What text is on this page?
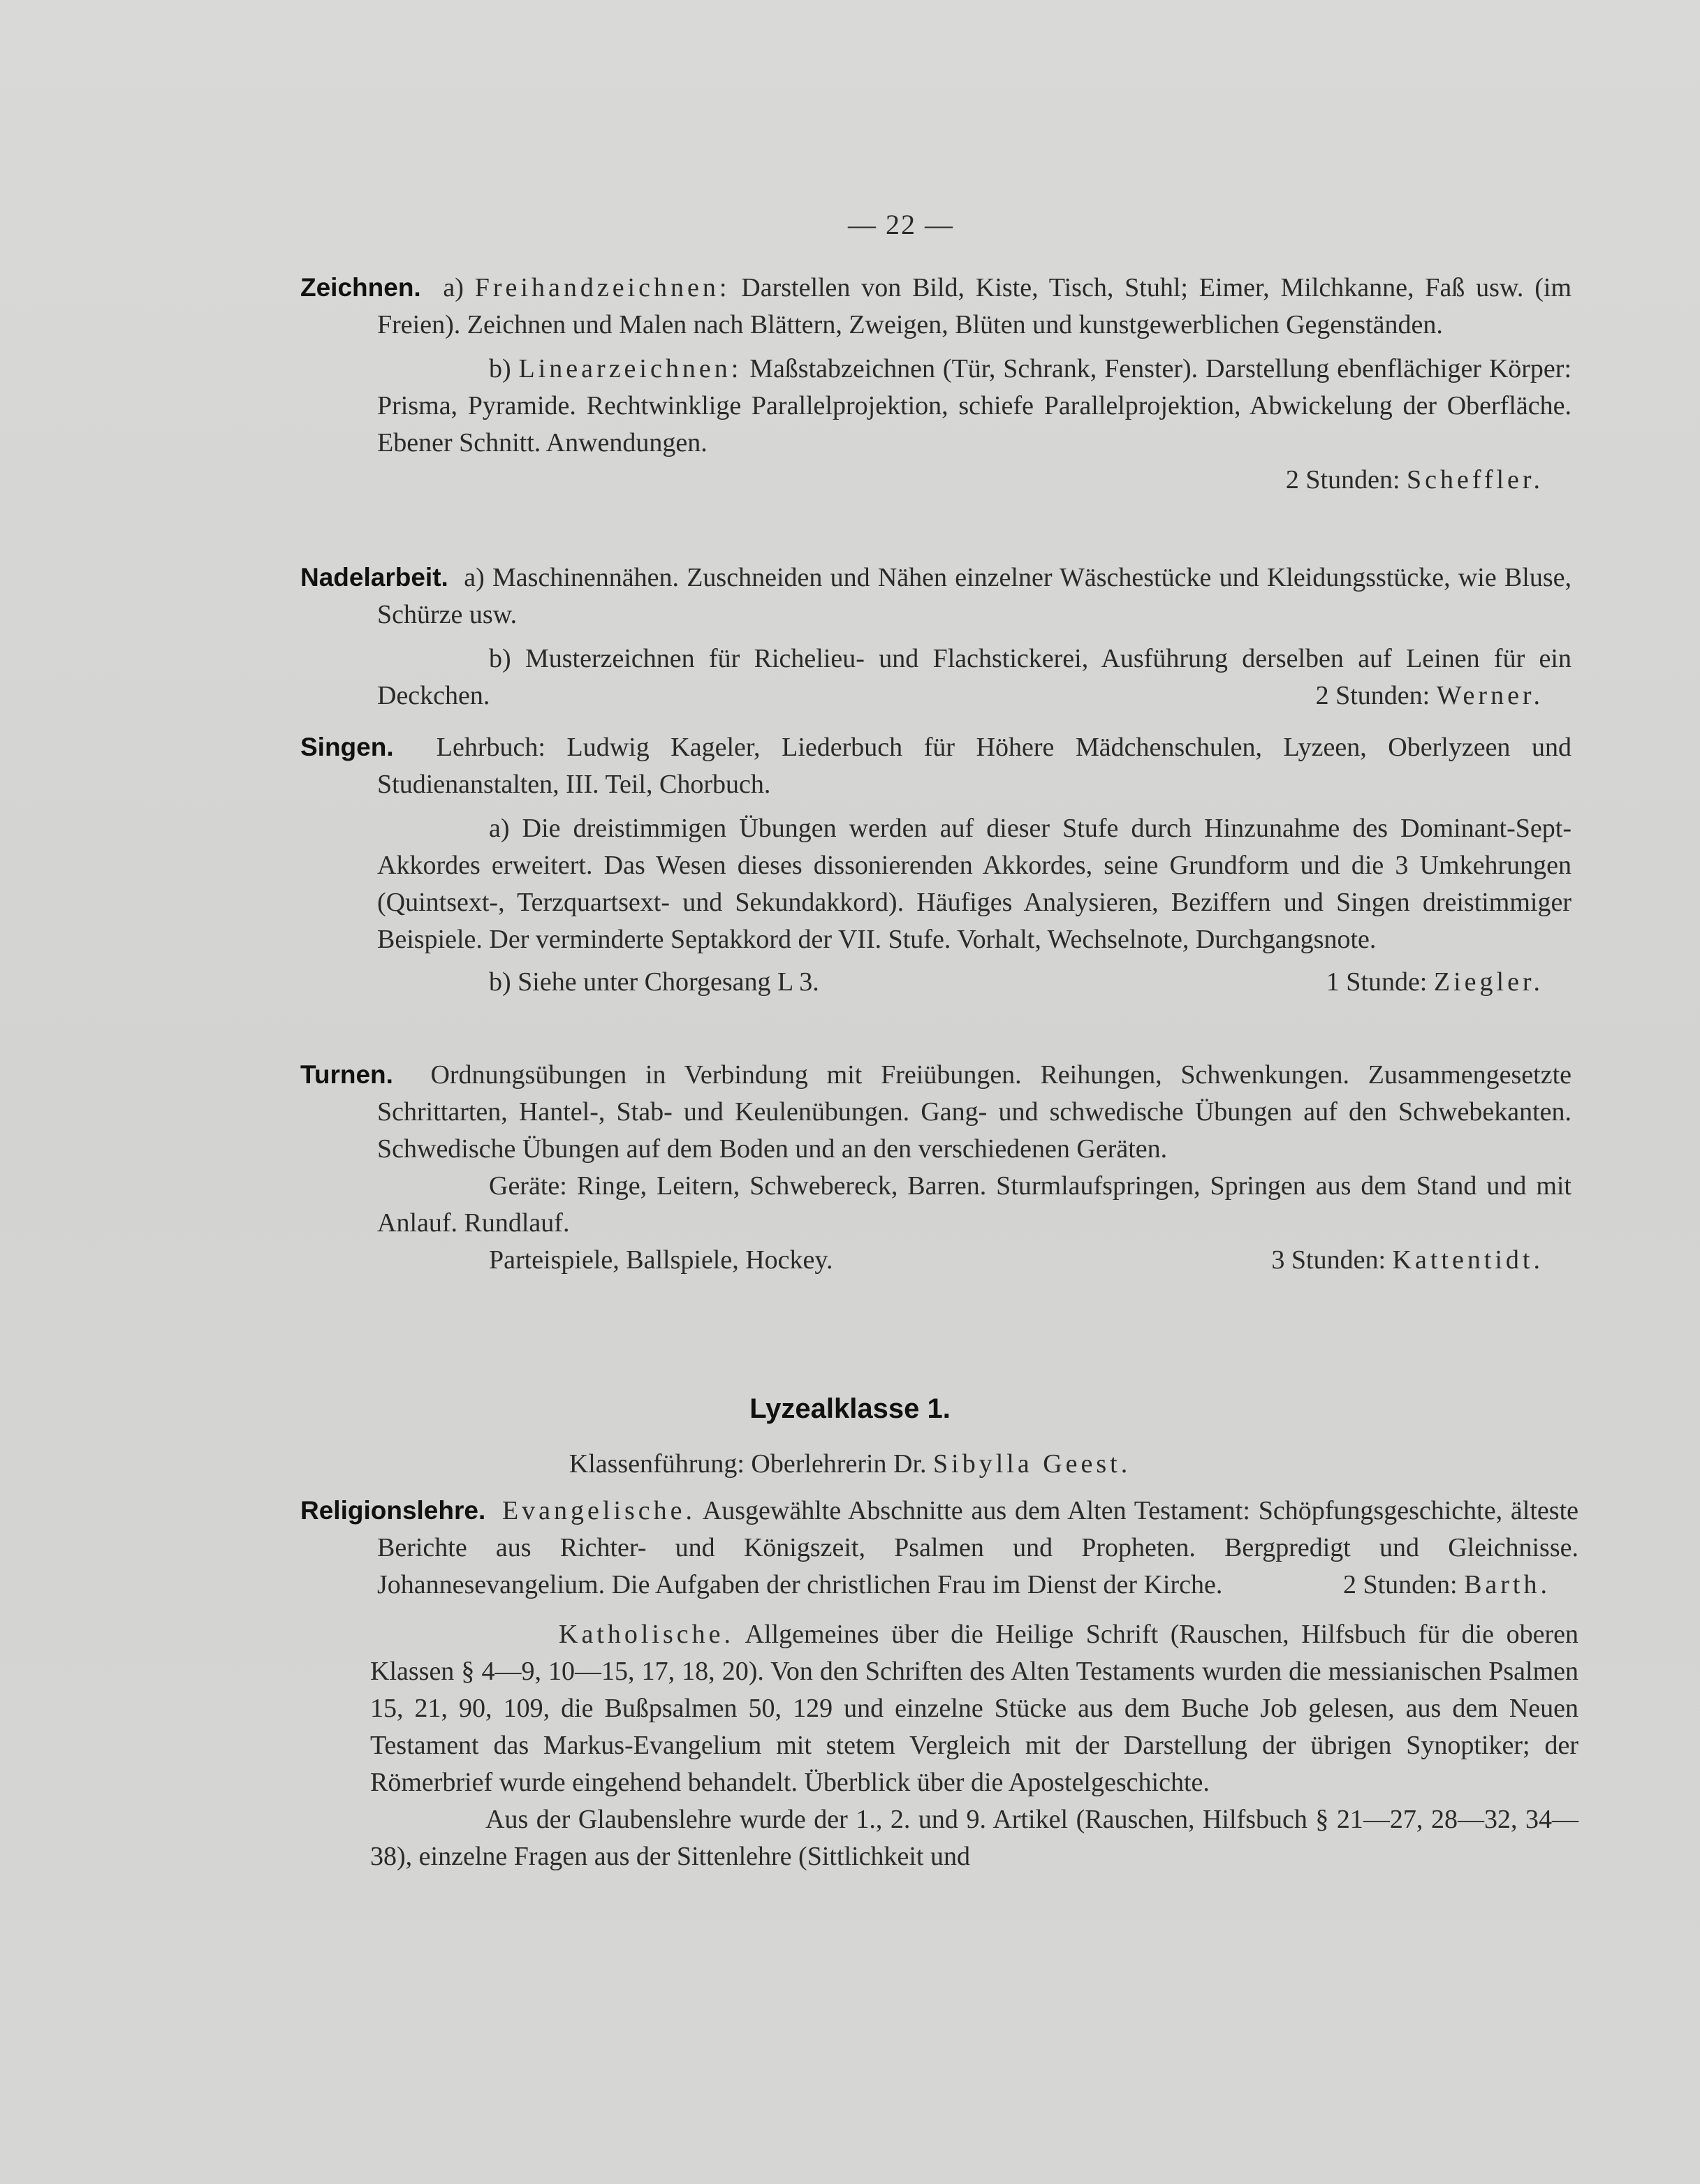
— 22 —

Zeichnen. a) Freihandzeichnen: Darstellen von Bild, Kiste, Tisch, Stuhl; Eimer, Milchkanne, Faß usw. (im Freien). Zeichnen und Malen nach Blättern, Zweigen, Blüten und kunstgewerblichen Gegenständen.

b) Linearzeichnen: Maßstabzeichnen (Tür, Schrank, Fenster). Darstellung ebenflächiger Körper: Prisma, Pyramide. Rechtwinklige Parallelprojektion, schiefe Parallelprojektion, Abwickelung der Oberfläche. Ebener Schnitt. Anwendungen.

2 Stunden: Scheffler.

Nadelarbeit. a) Maschinennähen. Zuschneiden und Nähen einzelner Wäschestücke und Kleidungsstücke, wie Bluse, Schürze usw.

b) Musterzeichnen für Richelieu- und Flachstickerei, Ausführung derselben auf Leinen für ein Deckchen.	2 Stunden: Werner.

Singen. Lehrbuch: Ludwig Kageler, Liederbuch für Höhere Mädchenschulen, Lyzeen, Oberlyzeen und Studienanstalten, III. Teil, Chorbuch.

a) Die dreistimmigen Übungen werden auf dieser Stufe durch Hinzunahme des Dominant-Sept-Akkordes erweitert. Das Wesen dieses dissonierenden Akkordes, seine Grundform und die 3 Umkehrungen (Quintsext-, Terzquartsext- und Sekundakkord). Häufiges Analysieren, Beziffern und Singen dreistimmiger Beispiele. Der verminderte Septakkord der VII. Stufe. Vorhalt, Wechselnote, Durchgangsnote.

b) Siehe unter Chorgesang L 3.	1 Stunde: Ziegler.

Turnen. Ordnungsübungen in Verbindung mit Freiübungen. Reihungen, Schwenkungen. Zusammengesetzte Schrittarten, Hantel-, Stab- und Keulenübungen. Gang- und schwedische Übungen auf den Schwebekanten. Schwedische Übungen auf dem Boden und an den verschiedenen Geräten.

Geräte: Ringe, Leitern, Schwebereck, Barren. Sturmlaufspringen, Springen aus dem Stand und mit Anlauf. Rundlauf.

Parteispiele, Ballspiele, Hockey.	3 Stunden: Kattentidt.
Lyzealklasse 1.
Klassenführung: Oberlehrerin Dr. Sibylla Geest.

Religionslehre. Evangelische. Ausgewählte Abschnitte aus dem Alten Testament: Schöpfungsgeschichte, älteste Berichte aus Richter- und Königszeit, Psalmen und Propheten. Bergpredigt und Gleichnisse. Johannesevangelium. Die Aufgaben der christlichen Frau im Dienst der Kirche.	2 Stunden: Barth.

Katholische. Allgemeines über die Heilige Schrift (Rauschen, Hilfsbuch für die oberen Klassen § 4—9, 10—15, 17, 18, 20). Von den Schriften des Alten Testaments wurden die messianischen Psalmen 15, 21, 90, 109, die Bußpsalmen 50, 129 und einzelne Stücke aus dem Buche Job gelesen, aus dem Neuen Testament das Markus-Evangelium mit stetem Vergleich mit der Darstellung der übrigen Synoptiker; der Römerbrief wurde eingehend behandelt. Überblick über die Apostelgeschichte.

Aus der Glaubenslehre wurde der 1., 2. und 9. Artikel (Rauschen, Hilfsbuch § 21—27, 28—32, 34—38), einzelne Fragen aus der Sittenlehre (Sittlichkeit und
